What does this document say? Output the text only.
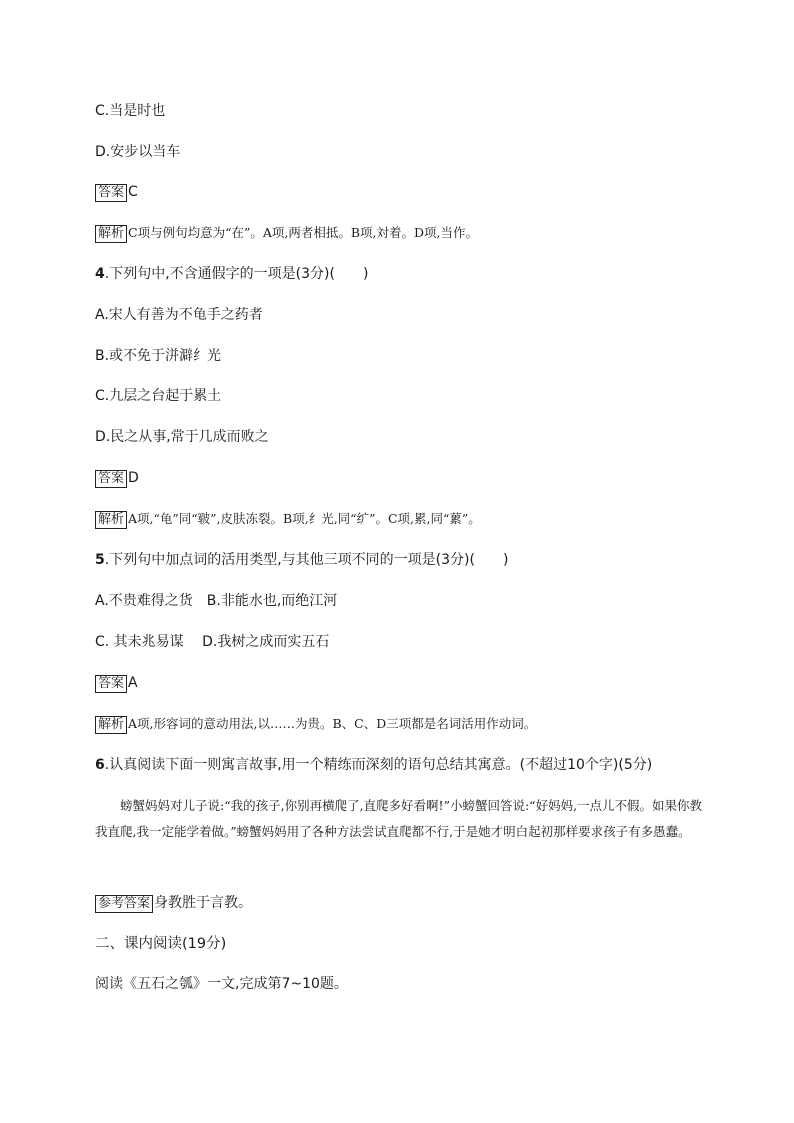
C.当是时也
D.安步以当车
答案 C
解析 C项与例句均意为“在”。A项,两者相抵。B项,対着。D项,当作。
4.下列句中,不含通假字的一项是(3分)(　　)
A.宋人有善为不龟手之药者
B.或不免于洴澼纟光
C.九层之台起于累土
D.民之从事,常于几成而败之
答案 D
解析 A项,“龟”同“皲”,皮肤冻裂。B项,纟光,同“纩”。C项,累,同“蔂”。
5.下列句中加点词的活用类型,与其他三项不同的一项是(3分)(　　)
A.不贵难得之货　B.非能水也,而绝江河
C. 其未兆易谋　 D.我树之成而实五石
答案 A
解析 A项,形容词的意动用法,以……为贵。B、C、D三项都是名词活用作动词。
6.认真阅读下面一则寓言故事,用一个精练而深刻的语句总结其寓意。(不超过10个字)(5分)
螃蟹妈妈对儿子说:“我的孩子,你别再横爬了,直爬多好看啊!”小螃蟹回答说:“好妈妈,一点儿不假。如果你教我直爬,我一定能学着做。”螃蟹妈妈用了各种方法尝试直爬都不行,于是她才明白起初那样要求孩子有多愚蠢。
参考答案 身教胜于言教。
二、课内阅读(19分)
阅读《五石之瓠》一文,完成第7~10题。
